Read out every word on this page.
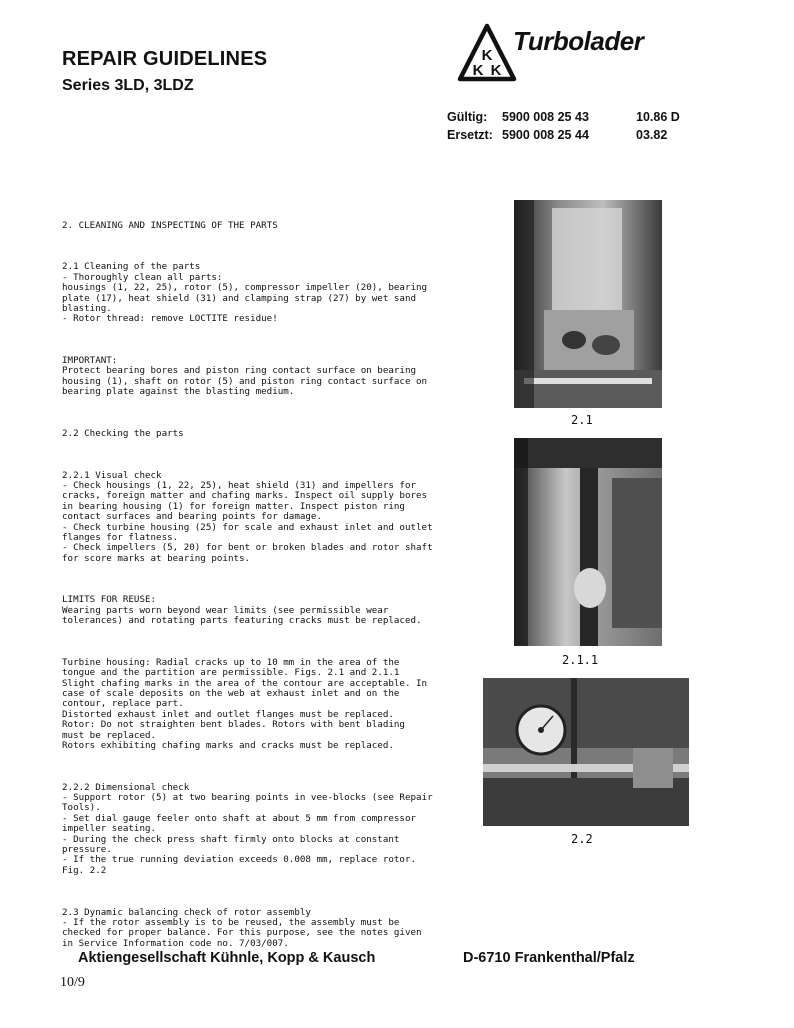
REPAIR GUIDELINES
Series 3LD, 3LDZ
K
K K
Turbolader
Gültig: 5900 008 25 43	10.86 D
Ersetzt: 5900 008 25 44	03.82

2. CLEANING AND INSPECTING OF THE PARTS

2.1 Cleaning of the parts
- Thoroughly clean all parts:
housings (1, 22, 25), rotor (5), compressor impeller (20), bearing
plate (17), heat shield (31) and clamping strap (27) by wet sand
blasting.
- Rotor thread: remove LOCTITE residue!

IMPORTANT:
Protect bearing bores and piston ring contact surface on bearing
housing (1), shaft on rotor (5) and piston ring contact surface on
bearing plate against the blasting medium.

2.2 Checking the parts

2.2.1 Visual check
- Check housings (1, 22, 25), heat shield (31) and impellers for
cracks, foreign matter and chafing marks. Inspect oil supply bores
in bearing housing (1) for foreign matter. Inspect piston ring
contact surfaces and bearing points for damage.
- Check turbine housing (25) for scale and exhaust inlet and outlet
flanges for flatness.
- Check impellers (5, 20) for bent or broken blades and rotor shaft
for score marks at bearing points.

LIMITS FOR REUSE:
Wearing parts worn beyond wear limits (see permissible wear
tolerances) and rotating parts featuring cracks must be replaced.

Turbine housing: Radial cracks up to 10 mm in the area of the
tongue and the partition are permissible. Figs. 2.1 and 2.1.1
Slight chafing marks in the area of the contour are acceptable. In
case of scale deposits on the web at exhaust inlet and on the
contour, replace part.
Distorted exhaust inlet and outlet flanges must be replaced.
Rotor: Do not straighten bent blades. Rotors with bent blading
must be replaced.
Rotors exhibiting chafing marks and cracks must be replaced.

2.2.2 Dimensional check
- Support rotor (5) at two bearing points in vee-blocks (see Repair
Tools).
- Set dial gauge feeler onto shaft at about 5 mm from compressor
impeller seating.
- During the check press shaft firmly onto blocks at constant
pressure.
- If the true running deviation exceeds 0.008 mm, replace rotor.
Fig. 2.2

2.3 Dynamic balancing check of rotor assembly
- If the rotor assembly is to be reused, the assembly must be
checked for proper balance. For this purpose, see the notes given
in Service Information code no. 7/03/007.

2.1
2.1.1
2.2
Aktiengesellschaft Kühnle, Kopp & Kausch	D-6710 Frankenthal/Pfalz
10/9
